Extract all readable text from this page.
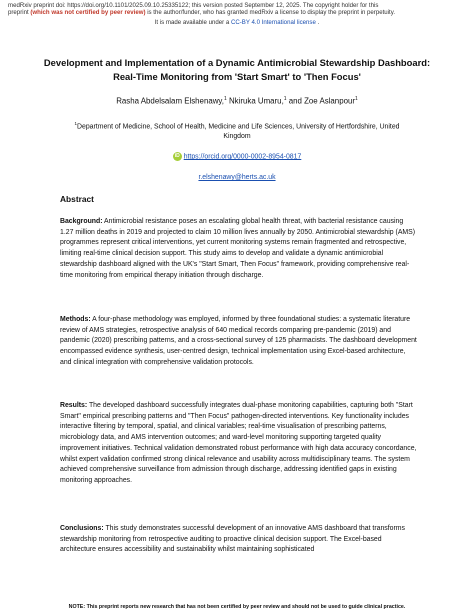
medRxiv preprint doi: https://doi.org/10.1101/2025.09.10.25335122; this version posted September 12, 2025. The copyright holder for this
preprint (which was not certified by peer review) is the author/funder, who has granted medRxiv a license to display the preprint in perpetuity.
It is made available under a CC-BY 4.0 International license .
Development and Implementation of a Dynamic Antimicrobial Stewardship Dashboard: Real-Time Monitoring from 'Start Smart' to 'Then Focus'
Rasha Abdelsalam Elshenawy,$^1$ Nkiruka Umaru,$^1$ and Zoe Aslanpour$^1$
$^1$Department of Medicine, School of Health, Medicine and Life Sciences, University of Hertfordshire, United Kingdom
iD https://orcid.org/0000-0002-8954-0817
r.elshenawy@herts.ac.uk
Abstract
Background: Antimicrobial resistance poses an escalating global health threat, with bacterial resistance causing 1.27 million deaths in 2019 and projected to claim 10 million lives annually by 2050. Antimicrobial stewardship (AMS) programmes represent critical interventions, yet current monitoring systems remain fragmented and retrospective, limiting real-time clinical decision support. This study aims to develop and validate a dynamic antimicrobial stewardship dashboard aligned with the UK's "Start Smart, Then Focus" framework, providing comprehensive real-time monitoring from empirical therapy initiation through discharge.
Methods: A four-phase methodology was employed, informed by three foundational studies: a systematic literature review of AMS strategies, retrospective analysis of 640 medical records comparing pre-pandemic (2019) and pandemic (2020) prescribing patterns, and a cross-sectional survey of 125 pharmacists. The dashboard development encompassed evidence synthesis, user-centred design, technical implementation using Excel-based architecture, and clinical integration with comprehensive validation protocols.
Results: The developed dashboard successfully integrates dual-phase monitoring capabilities, capturing both "Start Smart" empirical prescribing patterns and "Then Focus" pathogen-directed interventions. Key functionality includes interactive filtering by temporal, spatial, and clinical variables; real-time visualisation of prescribing patterns, microbiology data, and AMS intervention outcomes; and ward-level monitoring supporting targeted quality improvement initiatives. Technical validation demonstrated robust performance with high data accuracy concordance, whilst expert validation confirmed strong clinical relevance and usability across multidisciplinary teams. The system achieved comprehensive surveillance from admission through discharge, addressing identified gaps in existing monitoring approaches.
Conclusions: This study demonstrates successful development of an innovative AMS dashboard that transforms stewardship monitoring from retrospective auditing to proactive clinical decision support. The Excel-based architecture ensures accessibility and sustainability whilst maintaining sophisticated
NOTE: This preprint reports new research that has not been certified by peer review and should not be used to guide clinical practice.
